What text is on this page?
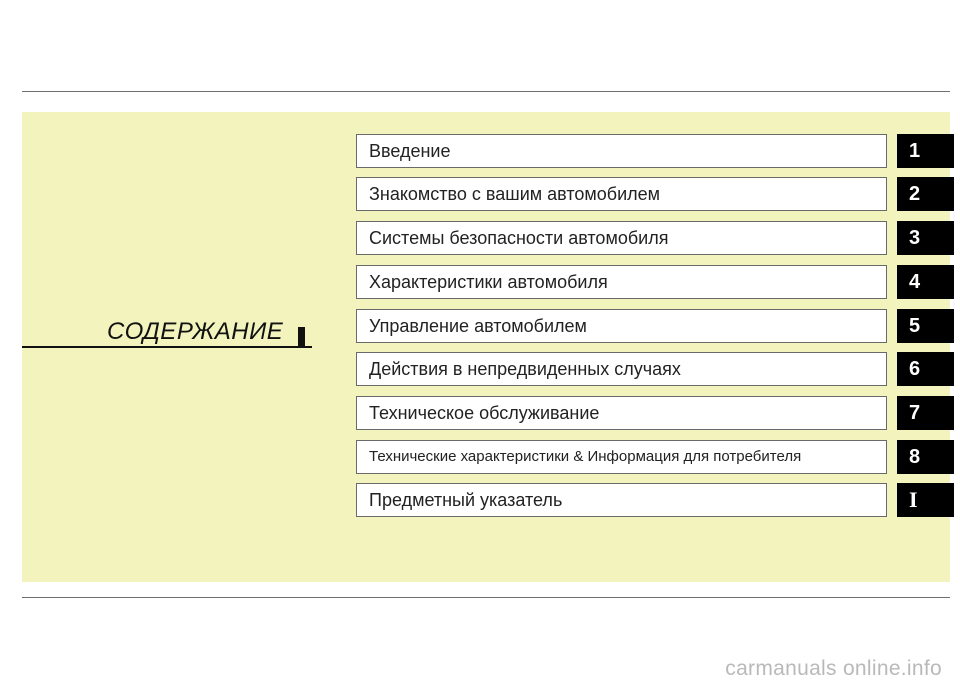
СОДЕРЖАНИЕ
Введение	1
Знакомство с вашим автомобилем	2
Системы безопасности автомобиля	3
Характеристики автомобиля	4
Управление автомобилем	5
Действия в непредвиденных случаях	6
Техническое обслуживание	7
Технические характеристики & Информация для потребителя	8
Предметный указатель	I
carmanuals online.info
